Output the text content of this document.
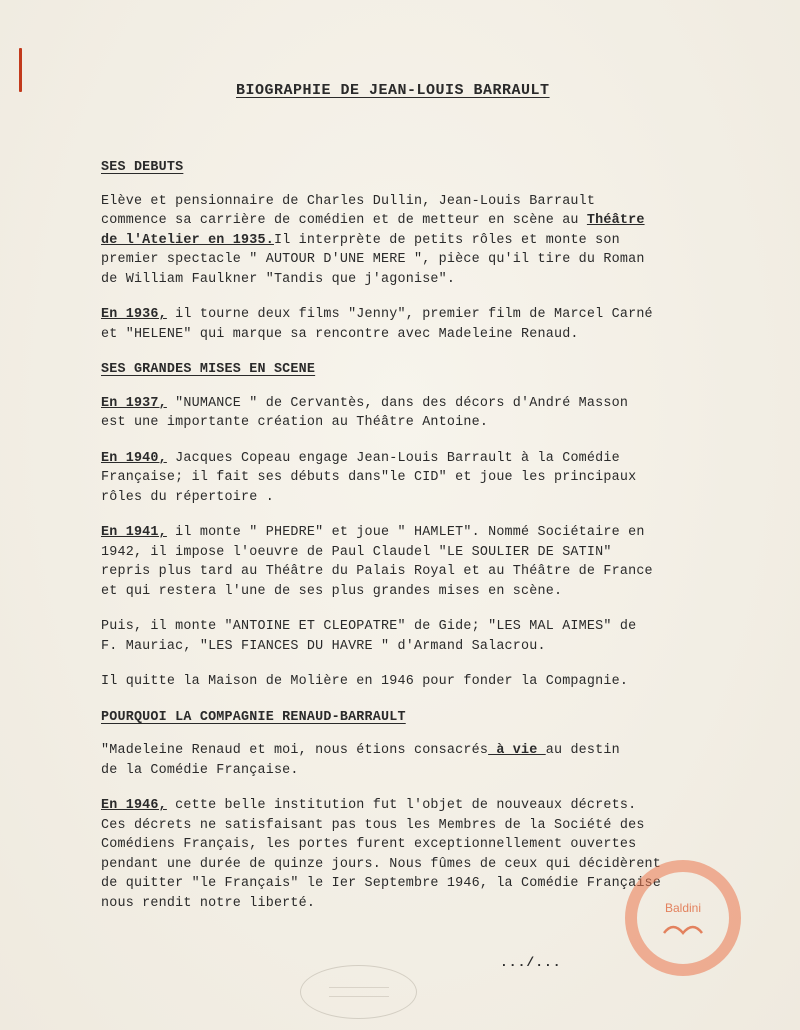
BIOGRAPHIE DE JEAN-LOUIS BARRAULT

SES DEBUTS

Elève et pensionnaire de Charles Dullin, Jean-Louis Barrault
commence sa carrière de comédien et de metteur en scène au Théâtre
de l'Atelier en 1935.Il interprète de petits rôles et monte son
premier spectacle " AUTOUR D'UNE MERE ", pièce qu'il tire du Roman
de William Faulkner "Tandis que j'agonise".

En 1936, il tourne deux films "Jenny", premier film de Marcel Carné
et "HELENE" qui marque sa rencontre avec Madeleine Renaud.

SES GRANDES MISES EN SCENE

En 1937, "NUMANCE " de Cervantès, dans des décors d'André Masson
est une importante création au Théâtre Antoine.

En 1940, Jacques Copeau engage Jean-Louis Barrault à la Comédie
Française; il fait ses débuts dans"le CID" et joue les principaux
rôles du répertoire .

En 1941, il monte " PHEDRE" et joue " HAMLET". Nommé Sociétaire en
1942, il impose l'oeuvre de Paul Claudel "LE SOULIER DE SATIN"
repris plus tard au Théâtre du Palais Royal et au Théâtre de France
et qui restera l'une de ses plus grandes mises en scène.

Puis, il monte "ANTOINE ET CLEOPATRE" de Gide; "LES MAL AIMES" de
F. Mauriac, "LES FIANCES DU HAVRE " d'Armand Salacrou.

Il quitte la Maison de Molière en 1946 pour fonder la Compagnie.

POURQUOI LA COMPAGNIE RENAUD-BARRAULT

"Madeleine Renaud et moi, nous étions consacrés à vie au destin
de la Comédie Française.

En 1946, cette belle institution fut l'objet de nouveaux décrets.
Ces décrets ne satisfaisant pas tous les Membres de la Société des
Comédiens Français, les portes furent exceptionnellement ouvertes
pendant une durée de quinze jours. Nous fûmes de ceux qui décidèrent
de quitter "le Français" le Ier Septembre 1946, la Comédie Française
nous rendit notre liberté.	Baldini
.../...
